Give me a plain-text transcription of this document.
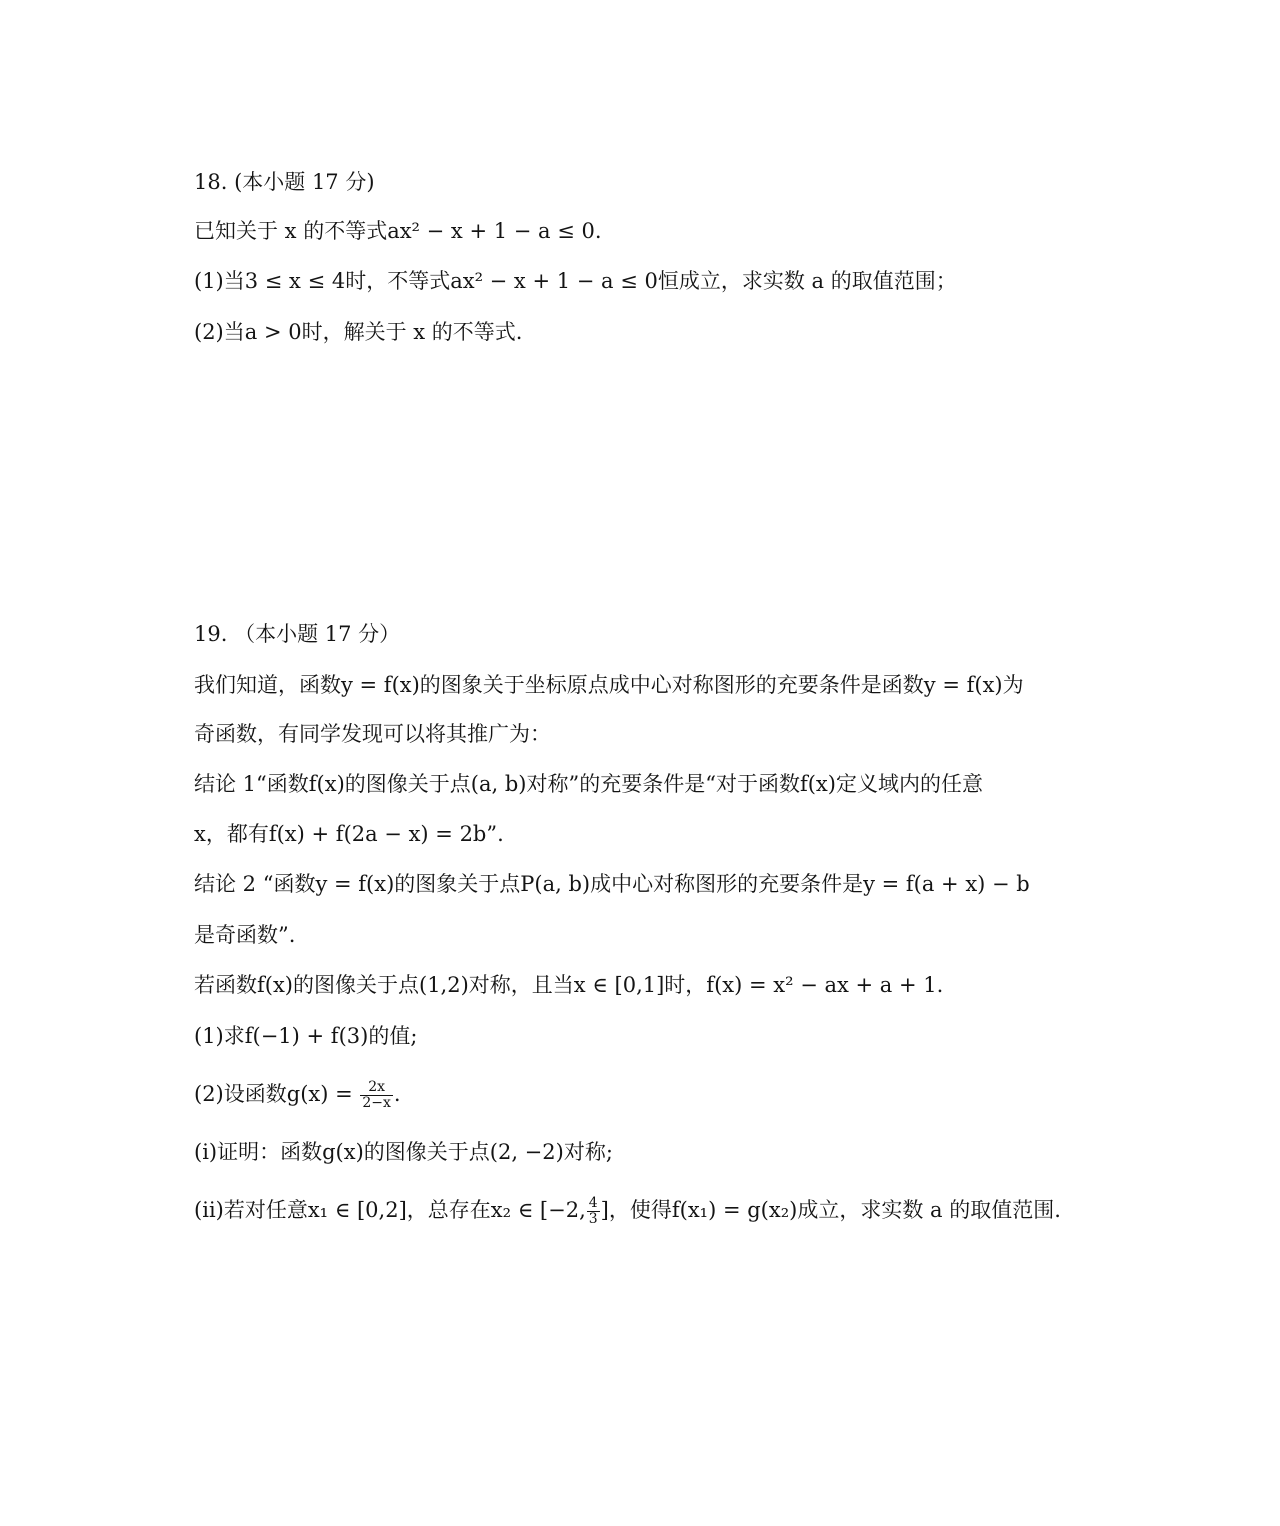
18. (本小题 17 分)

已知关于 x 的不等式ax² − x + 1 − a ≤ 0.

(1)当3 ≤ x ≤ 4时，不等式ax² − x + 1 − a ≤ 0恒成立，求实数 a 的取值范围；

(2)当a > 0时，解关于 x 的不等式.

19. （本小题 17 分）

我们知道，函数y = f(x)的图象关于坐标原点成中心对称图形的充要条件是函数y = f(x)为

奇函数，有同学发现可以将其推广为：

结论 1“函数f(x)的图像关于点(a, b)对称”的充要条件是“对于函数f(x)定义域内的任意

x，都有f(x) + f(2a − x) = 2b”.

结论 2 “函数y = f(x)的图象关于点P(a, b)成中心对称图形的充要条件是y = f(a + x) − b

是奇函数”.

若函数f(x)的图像关于点(1,2)对称，且当x ∈ [0,1]时，f(x) = x² − ax + a + 1.

(1)求f(−1) + f(3)的值;

(2)设函数$g(x) = \frac{2x}{2-x}$ .

(ⅰ)证明：函数g(x)的图像关于点(2, −2)对称;

(ⅱ)若对任意x₁ ∈ [0,2]，总存在x₂ ∈ [−2, $\frac{4}{3}$ ]，使得f(x₁) = g(x₂)成立，求实数 a 的取值范围.
